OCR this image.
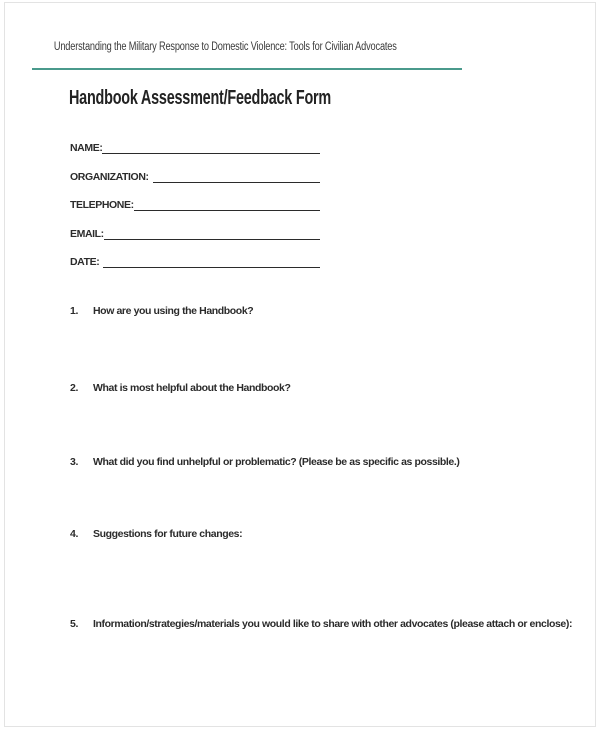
Understanding the Military Response to Domestic Violence: Tools for Civilian Advocates
Handbook Assessment/Feedback Form
NAME:
ORGANIZATION:
TELEPHONE:
EMAIL:
DATE:
1.	How are you using the Handbook?
2.	What is most helpful about the Handbook?
3.	What did you find unhelpful or problematic? (Please be as specific as possible.)
4.	Suggestions for future changes:
5.	Information/strategies/materials you would like to share with other advocates (please attach or enclose):
